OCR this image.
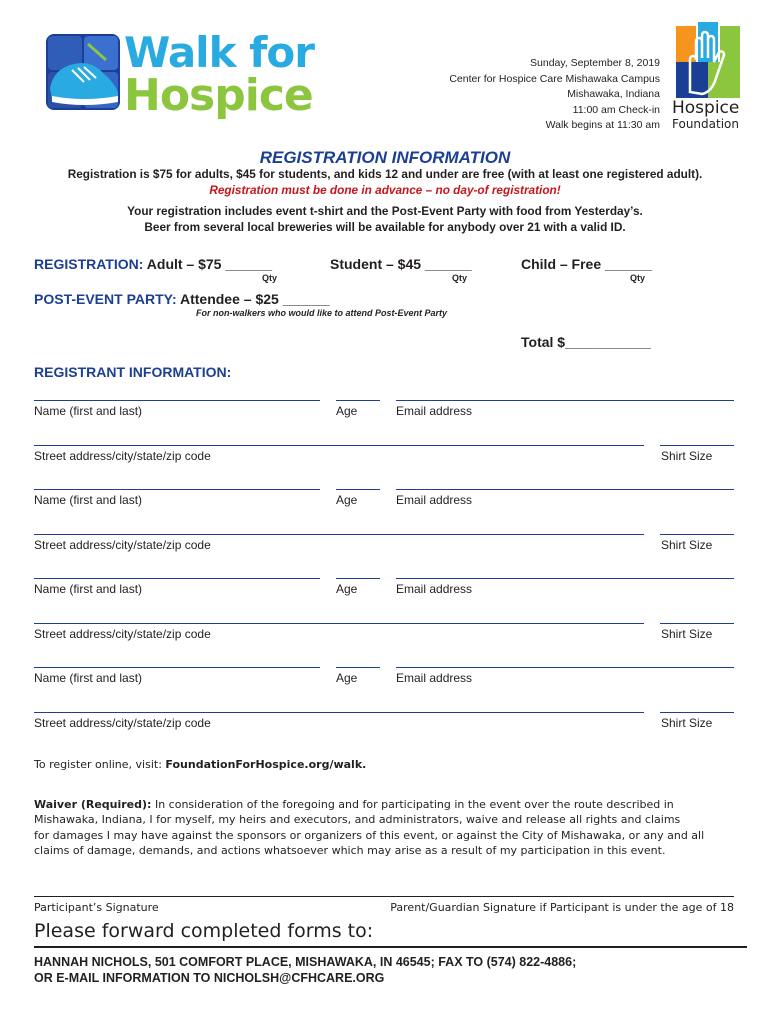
Walk for
Hospice
Sunday, September 8, 2019
Center for Hospice Care Mishawaka Campus
Mishawaka, Indiana
11:00 am Check-in
Walk begins at 11:30 am
Hospice
Foundation
REGISTRATION INFORMATION
Registration is $75 for adults, $45 for students, and kids 12 and under are free (with at least one registered adult).
Registration must be done in advance – no day-of registration!
Your registration includes event t-shirt and the Post-Event Party with food from Yesterday’s.
Beer from several local breweries will be available for anybody over 21 with a valid ID.
REGISTRATION: Adult – $75 ______
Qty
Student – $45 ______
Qty
Child – Free ______
Qty
POST-EVENT PARTY: Attendee – $25 ______
For non-walkers who would like to attend Post-Event Party
Total $___________
REGISTRANT INFORMATION:
Name (first and last)	Age	Email address
Street address/city/state/zip code	Shirt Size
Name (first and last)	Age	Email address
Street address/city/state/zip code	Shirt Size
Name (first and last)	Age	Email address
Street address/city/state/zip code	Shirt Size
Name (first and last)	Age	Email address
Street address/city/state/zip code	Shirt Size
To register online, visit: FoundationForHospice.org/walk.
Waiver (Required): In consideration of the foregoing and for participating in the event over the route described in
Mishawaka, Indiana, I for myself, my heirs and executors, and administrators, waive and release all rights and claims
for damages I may have against the sponsors or organizers of this event, or against the City of Mishawaka, or any and all
claims of damage, demands, and actions whatsoever which may arise as a result of my participation in this event.
Participant’s Signature	Parent/Guardian Signature if Participant is under the age of 18
Please forward completed forms to:
HANNAH NICHOLS, 501 COMFORT PLACE, MISHAWAKA, IN 46545; FAX TO (574) 822-4886;
OR E-MAIL INFORMATION TO NICHOLSH@CFHCARE.ORG
